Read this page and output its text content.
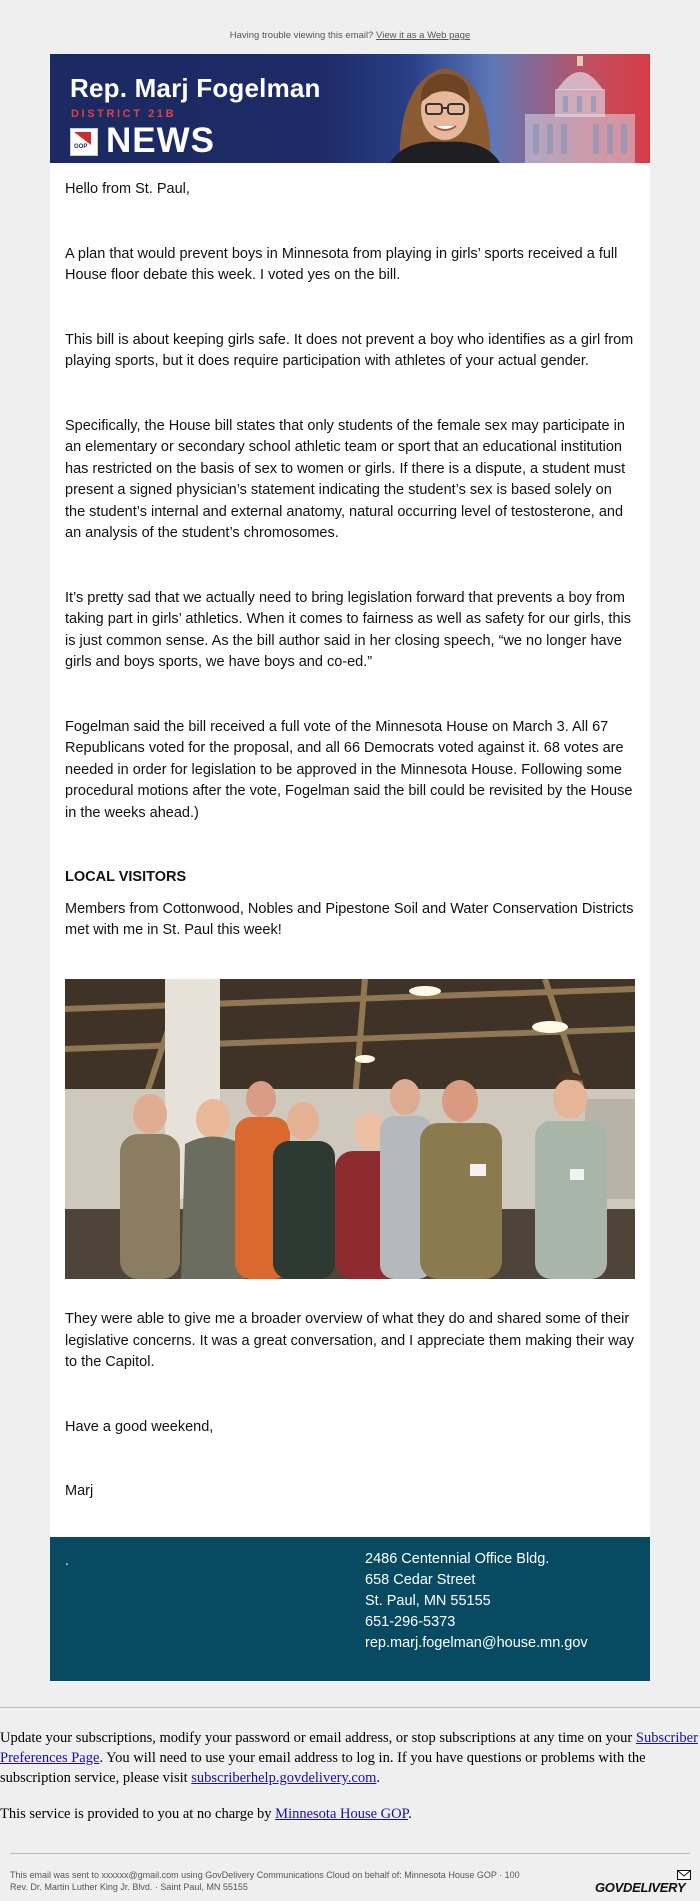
Having trouble viewing this email? View it as a Web page
Rep. Marj Fogelman
DISTRICT 21B
GOP NEWS

Hello from St. Paul,

A plan that would prevent boys in Minnesota from playing in girls’ sports received a full House floor debate this week. I voted yes on the bill.

This bill is about keeping girls safe. It does not prevent a boy who identifies as a girl from playing sports, but it does require participation with athletes of your actual gender.

Specifically, the House bill states that only students of the female sex may participate in an elementary or secondary school athletic team or sport that an educational institution has restricted on the basis of sex to women or girls. If there is a dispute, a student must present a signed physician’s statement indicating the student’s sex is based solely on the student’s internal and external anatomy, natural occurring level of testosterone, and an analysis of the student’s chromosomes.

It’s pretty sad that we actually need to bring legislation forward that prevents a boy from taking part in girls’ athletics. When it comes to fairness as well as safety for our girls, this is just common sense. As the bill author said in her closing speech, “we no longer have girls and boys sports, we have boys and co-ed.”

Fogelman said the bill received a full vote of the Minnesota House on March 3. All 67 Republicans voted for the proposal, and all 66 Democrats voted against it. 68 votes are needed in order for legislation to be approved in the Minnesota House. Following some procedural motions after the vote, Fogelman said the bill could be revisited by the House in the weeks ahead.)

LOCAL VISITORS

Members from Cottonwood, Nobles and Pipestone Soil and Water Conservation Districts met with me in St. Paul this week!

They were able to give me a broader overview of what they do and shared some of their legislative concerns. It was a great conversation, and I appreciate them making their way to the Capitol.

Have a good weekend,

Marj

.	2486 Centennial Office Bldg.
658 Cedar Street
St. Paul, MN 55155
651-296-5373
rep.marj.fogelman@house.mn.gov

Update your subscriptions, modify your password or email address, or stop subscriptions at any time on your Subscriber Preferences Page. You will need to use your email address to log in. If you have questions or problems with the subscription service, please visit subscriberhelp.govdelivery.com.

This service is provided to you at no charge by Minnesota House GOP.

This email was sent to xxxxxx@gmail.com using GovDelivery Communications Cloud on behalf of: Minnesota House GOP · 100
Rev. Dr. Martin Luther King Jr. Blvd. · Saint Paul, MN 55155	GOVDELIVERY
